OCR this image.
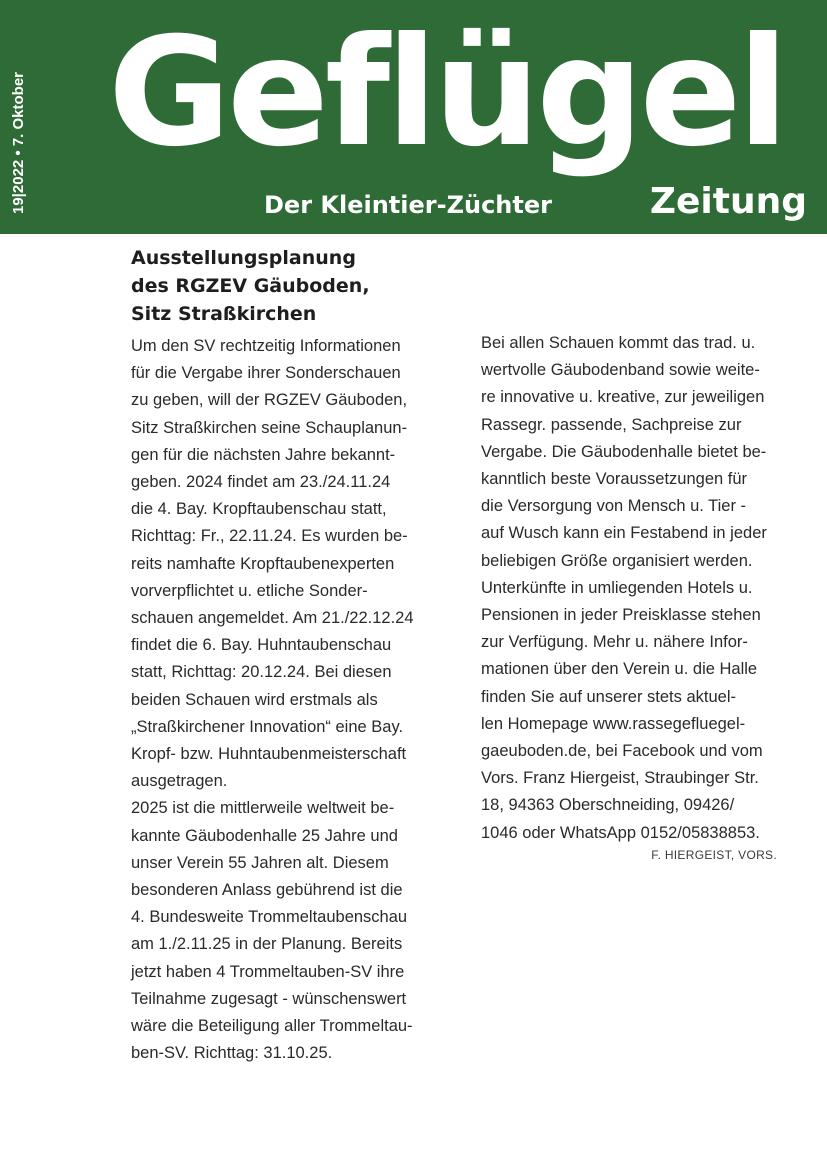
19|2022 • 7. Oktober Geflügel
Der Kleintier-Züchter	Zeitung
Ausstellungsplanung
des RGZEV Gäuboden,
Sitz Straßkirchen
Um den SV rechtzeitig Informationen
für die Vergabe ihrer Sonderschauen
zu geben, will der RGZEV Gäuboden,
Sitz Straßkirchen seine Schauplanun-
gen für die nächsten Jahre bekannt-
geben. 2024 findet am 23./24.11.24
die 4. Bay. Kropftaubenschau statt,
Richttag: Fr., 22.11.24. Es wurden be-
reits namhafte Kropftaubenexperten
vorverpflichtet u. etliche Sonder-
schauen angemeldet. Am 21./22.12.24
findet die 6. Bay. Huhntaubenschau
statt, Richttag: 20.12.24. Bei diesen
beiden Schauen wird erstmals als
„Straßkirchener Innovation“ eine Bay.
Kropf- bzw. Huhntaubenmeisterschaft
ausgetragen.
2025 ist die mittlerweile weltweit be-
kannte Gäubodenhalle 25 Jahre und
unser Verein 55 Jahren alt. Diesem
besonderen Anlass gebührend ist die
4. Bundesweite Trommeltaubenschau
am 1./2.11.25 in der Planung. Bereits
jetzt haben 4 Trommeltauben-SV ihre
Teilnahme zugesagt - wünschenswert
wäre die Beteiligung aller Trommeltau-
ben-SV. Richttag: 31.10.25.
Bei allen Schauen kommt das trad. u.
wertvolle Gäubodenband sowie weite-
re innovative u. kreative, zur jeweiligen
Rassegr. passende, Sachpreise zur
Vergabe. Die Gäubodenhalle bietet be-
kanntlich beste Voraussetzungen für
die Versorgung von Mensch u. Tier -
auf Wusch kann ein Festabend in jeder
beliebigen Größe organisiert werden.
Unterkünfte in umliegenden Hotels u.
Pensionen in jeder Preisklasse stehen
zur Verfügung. Mehr u. nähere Infor-
mationen über den Verein u. die Halle
finden Sie auf unserer stets aktuel-
len Homepage www.rassegefluegel-
gaeuboden.de, bei Facebook und vom
Vors. Franz Hiergeist, Straubinger Str.
18, 94363 Oberschneiding, 09426/
1046 oder WhatsApp 0152/05838853.
F. HIERGEIST, VORS.
